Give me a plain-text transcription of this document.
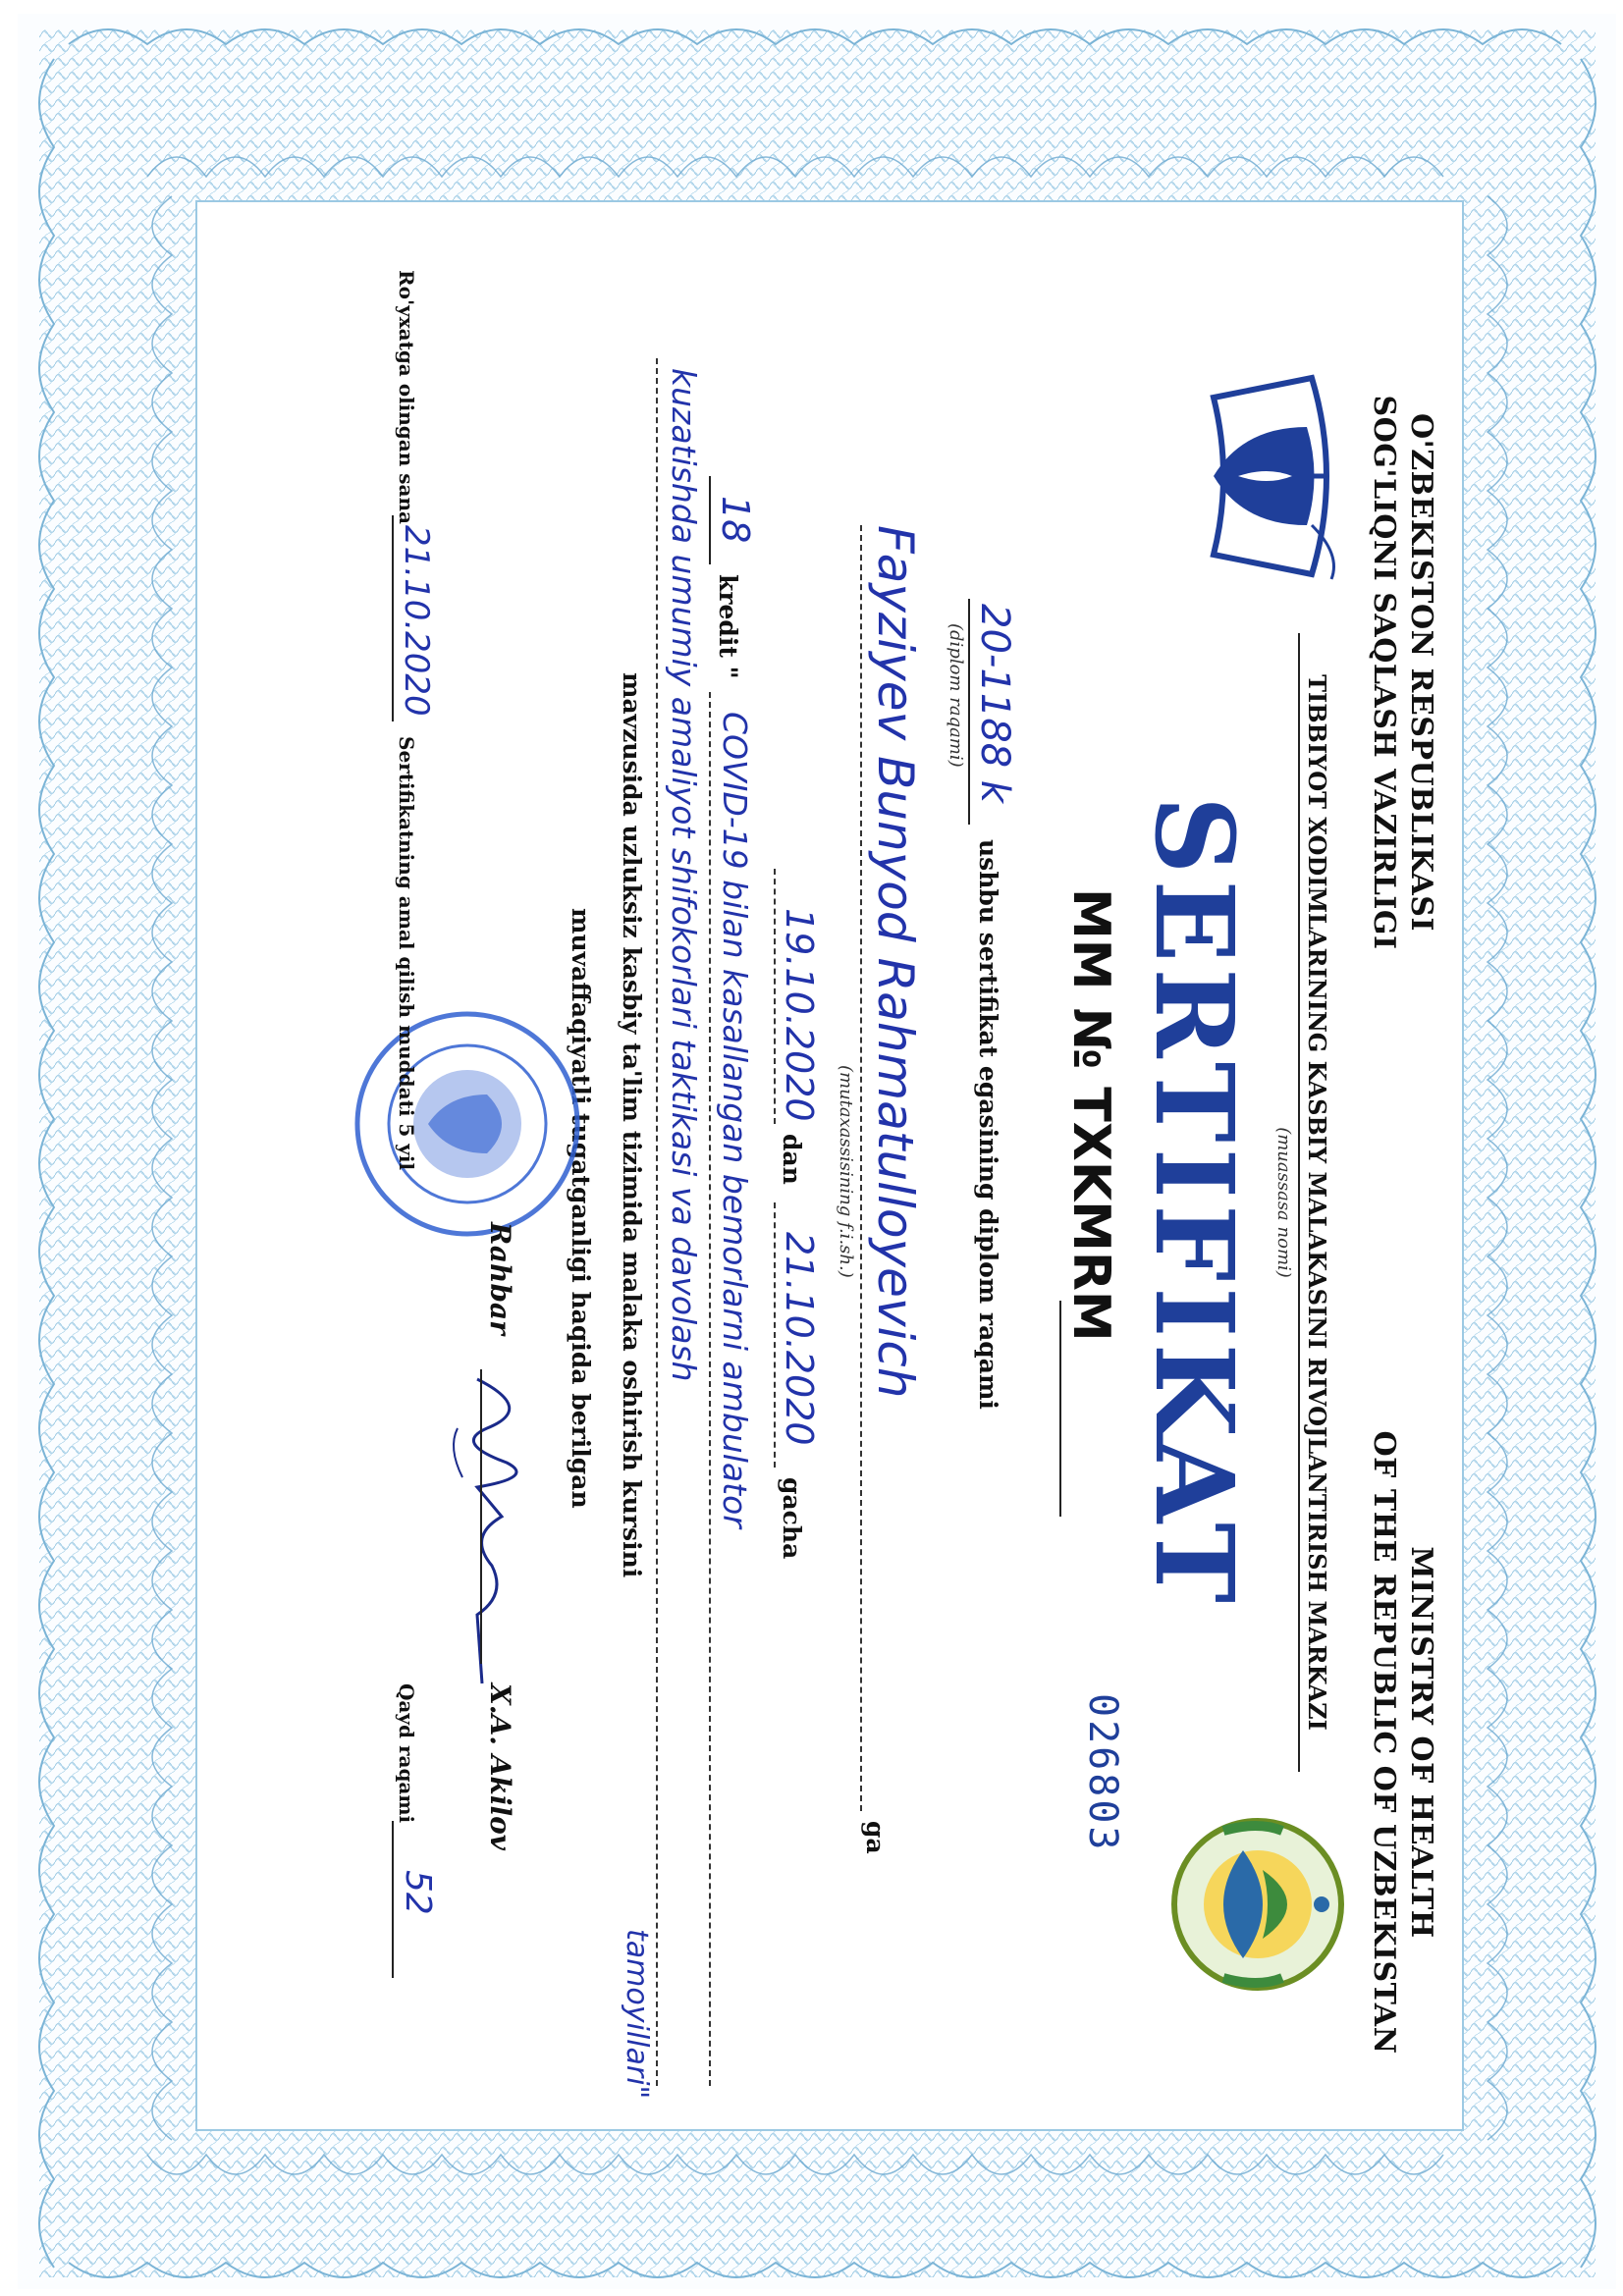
O'ZBEKISTON RESPUBLIKASI
SOG'LIQNI SAQLASH VAZIRLIGI
MINISTRY OF HEALTH
OF THE REPUBLIC OF UZBEKISTAN
TIBBIYOT XODIMLARINING KASBIY MALAKASINI RIVOJLANTIRISH MARKAZI
(muassasa nomi)
SERTIFIKAT
MM № TXKMRM
026803
20-1188 k
(diplom raqami)
ushbu sertifikat egasining diplom raqami
Fayziyev Bunyod Rahmatulloyevich
(mutaxassisining f.i.sh.)
ga
19.10.2020
dan
21.10.2020
gacha
18
kredit "
COVID-19 bilan kasallangan bemorlarni ambulator
kuzatishda umumiy amaliyot shifokorlari taktikasi va davolash
tamoyillari"
mavzusida uzluksiz kasbiy ta'lim tizimida malaka oshirish kursini
muvaffaqiyatli tugatganligi haqida berilgan
Rahbar
X.A. Akilov
Ro'yxatga olingan sana
21.10.2020
Sertifikatning amal qilish muddati 5 yil
Qayd raqami
52
